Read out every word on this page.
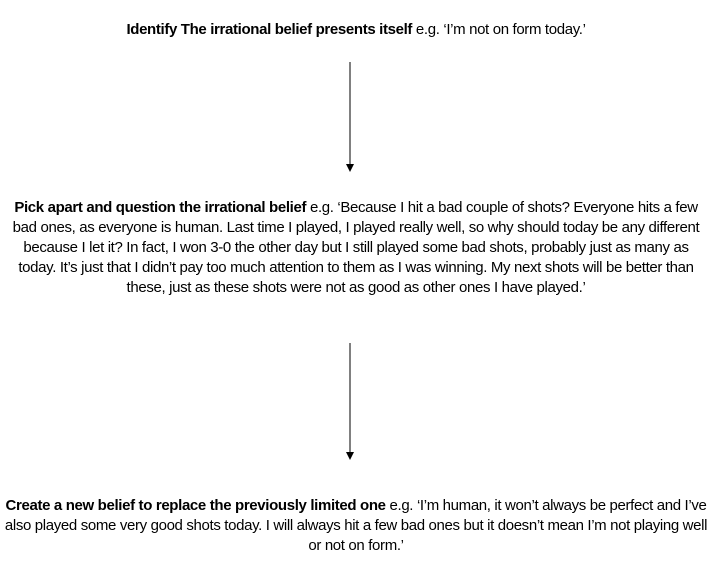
Identify The irrational belief presents itself e.g. ‘I’m not on form today.’
Pick apart and question the irrational belief e.g. ‘Because I hit a bad couple of shots? Everyone hits a few bad ones, as everyone is human. Last time I played, I played really well, so why should today be any different because I let it? In fact, I won 3-0 the other day but I still played some bad shots, probably just as many as today. It’s just that I didn’t pay too much attention to them as I was winning. My next shots will be better than these, just as these shots were not as good as other ones I have played.’
Create a new belief to replace the previously limited one e.g. ‘I’m human, it won’t always be perfect and I’ve also played some very good shots today. I will always hit a few bad ones but it doesn’t mean I’m not playing well or not on form.’
